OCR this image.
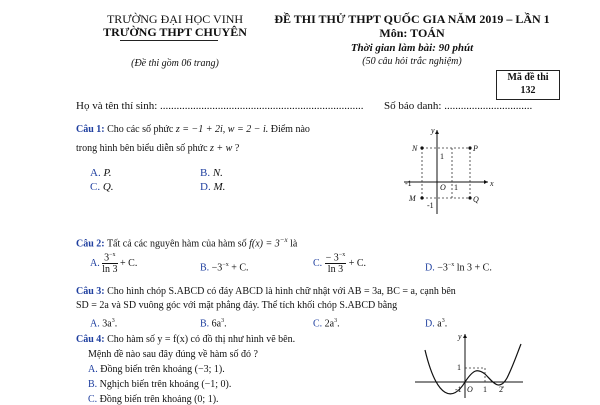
TRƯỜNG ĐẠI HỌC VINH
TRƯỜNG THPT CHUYÊN
(Đề thi gồm 06 trang)
ĐỀ THI THỬ THPT QUỐC GIA NĂM 2019 – LẦN 1
Môn: TOÁN
Thời gian làm bài: 90 phút
(50 câu hỏi trắc nghiệm)
Mã đề thi
132
Họ và tên thí sinh: .......................................................................... Số báo danh: ................................
Câu 1: Cho các số phức z = −1 + 2i, w = 2 − i. Điểm nào
trong hình bên biểu diễn số phức z + w ?
A. P.	B. N.
C. Q.	D. M.	x
y
O
N	P
M	Q
-1	1
1
-1
Câu 2: Tất cả các nguyên hàm của hàm số $f(x) = 3^{-x}$ là
A. $\frac{3^{-x}}{\ln 3} + C$.	B. $-3^{-x} + C$.	C. $\frac{- 3^{-x}}{\ln 3} + C$.	D. $-3^{-x}$ ln 3 + C.
Câu 3: Cho hình chóp S.ABCD có đáy ABCD là hình chữ nhật với AB = 3a, BC = a, cạnh bên
SD = 2a và SD vuông góc với mặt phẳng đáy. Thể tích khối chóp S.ABCD bằng
A. $3a^3$.	B. $6a^3$.	C. $2a^3$.	D. $a^3$.
Câu 4: Cho hàm số y = f(x) có đồ thị như hình vẽ bên.
Mệnh đề nào sau đây đúng về hàm số đó ?
A. Đồng biến trên khoảng (−3; 1).
B. Nghịch biến trên khoảng (−1; 0).
C. Đồng biến trên khoảng (0; 1).
y
1
O 1 2
-1
